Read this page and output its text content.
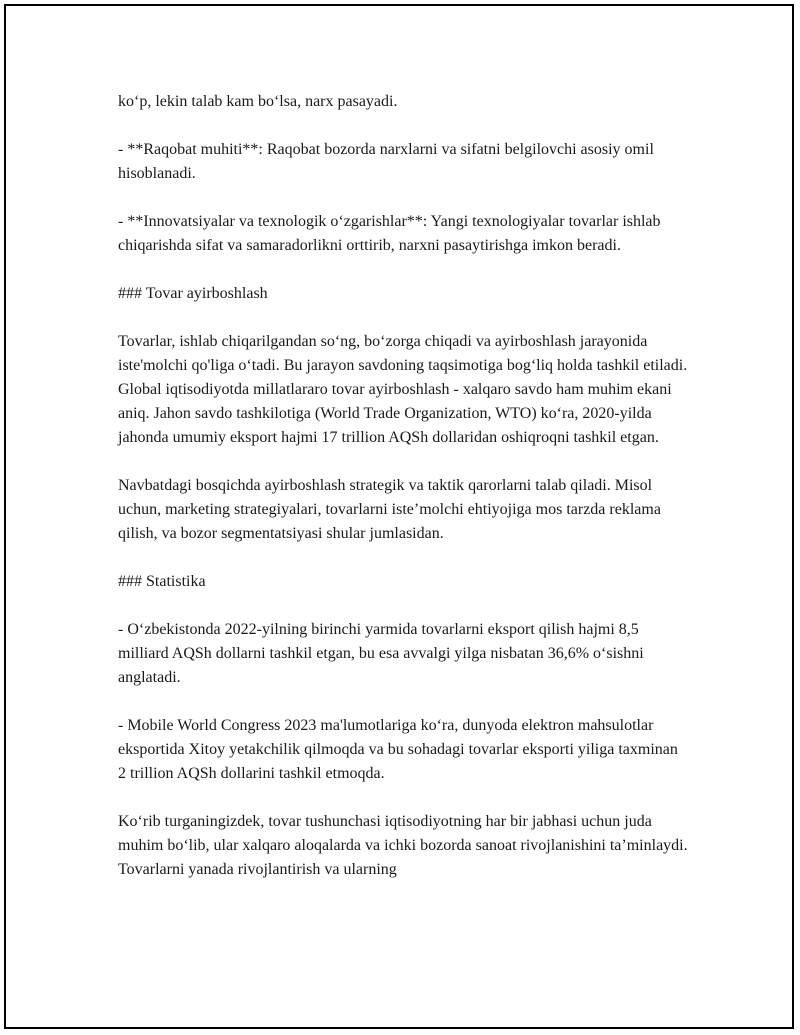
ko‘p, lekin talab kam bo‘lsa, narx pasayadi.

- **Raqobat muhiti**: Raqobat bozorda narxlarni va sifatni belgilovchi asosiy omil hisoblanadi.

- **Innovatsiyalar va texnologik o‘zgarishlar**: Yangi texnologiyalar tovarlar ishlab chiqarishda sifat va samaradorlikni orttirib, narxni pasaytirishga imkon beradi.

### Tovar ayirboshlash

Tovarlar, ishlab chiqarilgandan so‘ng, bo‘zorga chiqadi va ayirboshlash jarayonida iste'molchi qo'liga o‘tadi. Bu jarayon savdoning taqsimotiga bog‘liq holda tashkil etiladi. Global iqtisodiyotda millatlararo tovar ayirboshlash - xalqaro savdo ham muhim ekani aniq. Jahon savdo tashkilotiga (World Trade Organization, WTO) ko‘ra, 2020-yilda jahonda umumiy eksport hajmi 17 trillion AQSh dollaridan oshiqroqni tashkil etgan.

Navbatdagi bosqichda ayirboshlash strategik va taktik qarorlarni talab qiladi. Misol uchun, marketing strategiyalari, tovarlarni iste’molchi ehtiyojiga mos tarzda reklama qilish, va bozor segmentatsiyasi shular jumlasidan.

### Statistika

- O‘zbekistonda 2022-yilning birinchi yarmida tovarlarni eksport qilish hajmi 8,5 milliard AQSh dollarni tashkil etgan, bu esa avvalgi yilga nisbatan 36,6% o‘sishni anglatadi.

- Mobile World Congress 2023 ma'lumotlariga ko‘ra, dunyoda elektron mahsulotlar eksportida Xitoy yetakchilik qilmoqda va bu sohadagi tovarlar eksporti yiliga taxminan 2 trillion AQSh dollarini tashkil etmoqda.

Ko‘rib turganingizdek, tovar tushunchasi iqtisodiyotning har bir jabhasi uchun juda muhim bo‘lib, ular xalqaro aloqalarda va ichki bozorda sanoat rivojlanishini ta’minlaydi. Tovarlarni yanada rivojlantirish va ularning
